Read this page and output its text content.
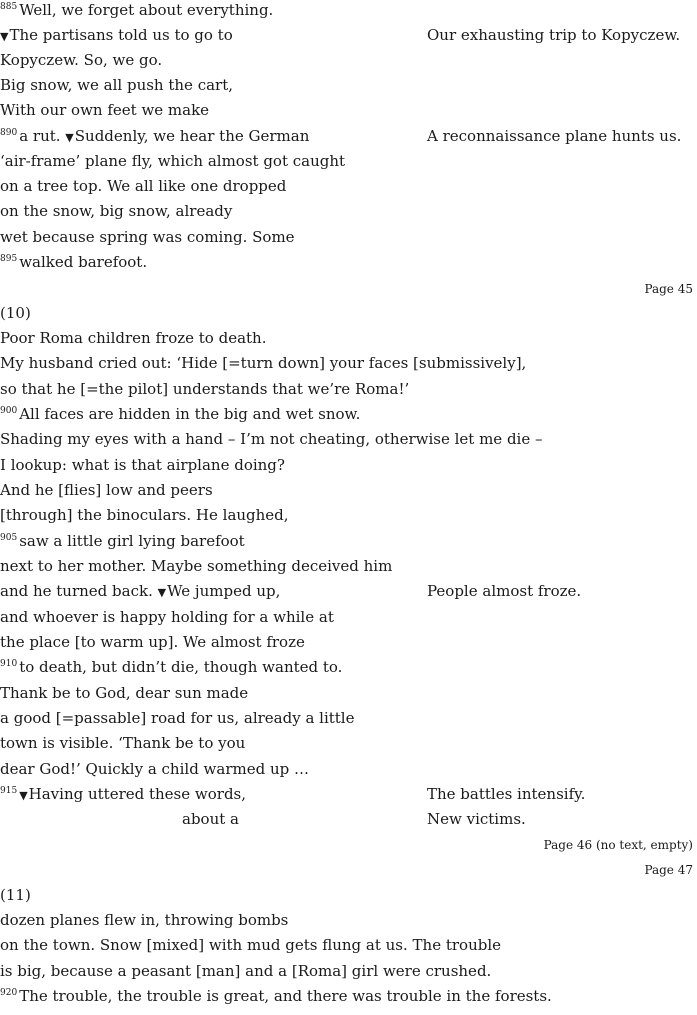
$^{885}$ Well, we forget about everything.
▼The partisans told us to go to
Kopyczew. So, we go.
Big snow, we all push the cart,
With our own feet we make
$^{890}$ a rut. ▼Suddenly, we hear the German
‘air-frame’ plane fly, which almost got caught
on a tree top. We all like one dropped
on the snow, big snow, already
wet because spring was coming. Some
$^{895}$ walked barefoot.
Our exhausting trip to Kopyczew.
A reconnaissance plane hunts us.
Page 45
(10)
Poor Roma children froze to death.
My husband cried out: ‘Hide [=turn down] your faces [submissively],
so that he [=the pilot] understands that we’re Roma!’
$^{900}$ All faces are hidden in the big and wet snow.
Shading my eyes with a hand – I’m not cheating, otherwise let me die –
I lookup: what is that airplane doing?
And he [flies] low and peers
[through] the binoculars. He laughed,
$^{905}$ saw a little girl lying barefoot
next to her mother. Maybe something deceived him
and he turned back. ▼We jumped up,
and whoever is happy holding for a while at
the place [to warm up]. We almost froze
$^{910}$ to death, but didn’t die, though wanted to.
Thank be to God, dear sun made
a good [=passable] road for us, already a little
town is visible. ‘Thank be to you
dear God!’ Quickly a child warmed up …
$^{915}$ ▼Having uttered these words,
about a
People almost froze.
The battles intensify.
New victims.
Page 46 (no text, empty)
Page 47
(11)
dozen planes flew in, throwing bombs
on the town. Snow [mixed] with mud gets flung at us. The trouble
is big, because a peasant [man] and a [Roma] girl were crushed.
$^{920}$ The trouble, the trouble is great, and there was trouble in the forests.
